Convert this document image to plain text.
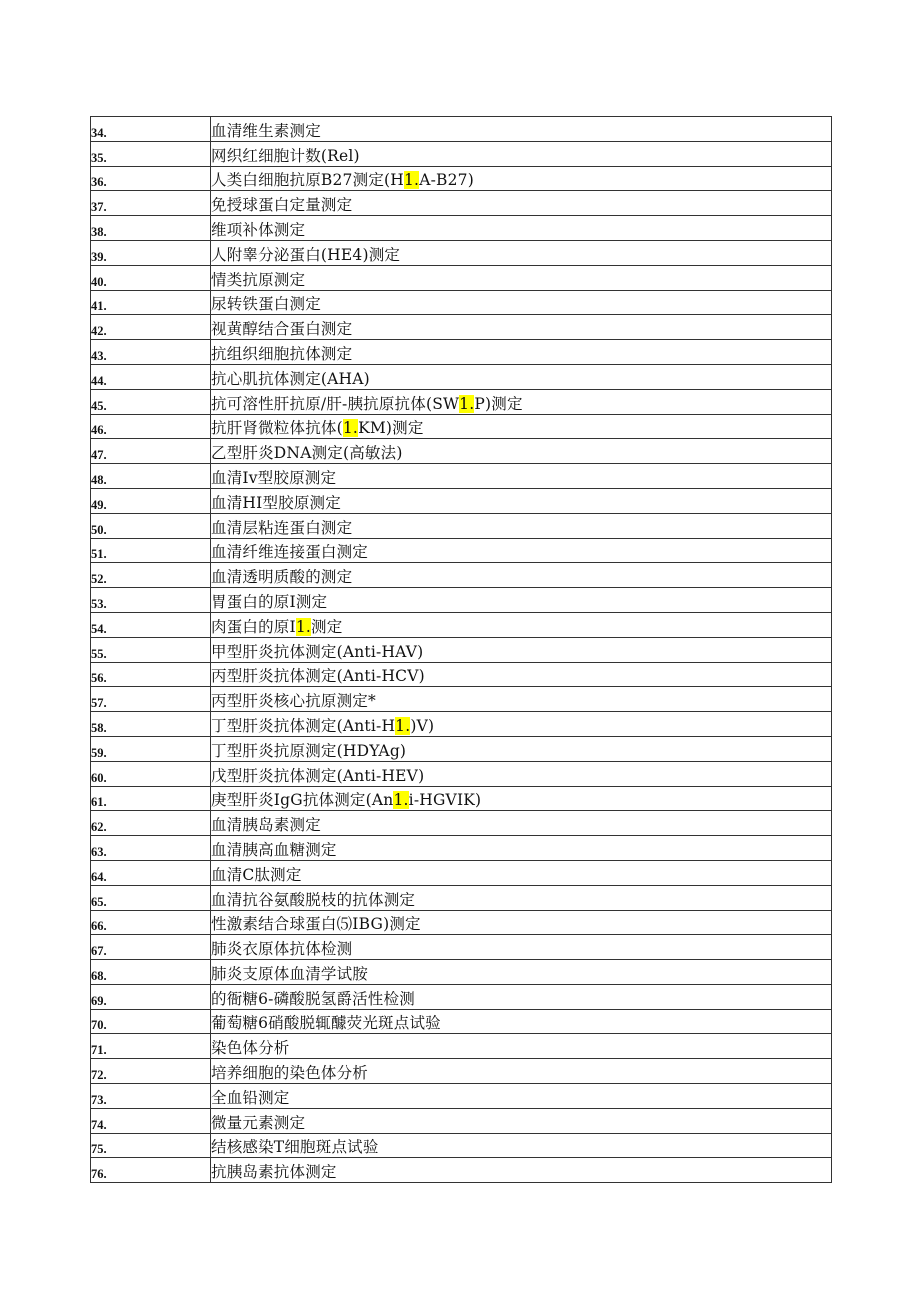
34.	血清维生素测定
35.	网织红细胞计数(Rel)
36.	人类白细胞抗原B27测定(H1.A-B27)
37.	免授球蛋白定量测定
38.	维项补体测定
39.	人附睾分泌蛋白(HE4)测定
40.	情类抗原测定
41.	尿转铁蛋白测定
42.	视黄醇结合蛋白测定
43.	抗组织细胞抗体测定
44.	抗心肌抗体测定(AHA)
45.	抗可溶性肝抗原/肝-胰抗原抗体(SW1.P)测定
46.	抗肝肾微粒体抗体(1.KM)测定
47.	乙型肝炎DNA测定(高敏法)
48.	血清Iv型胶原测定
49.	血清HI型胶原测定
50.	血清层粘连蛋白测定
51.	血清纤维连接蛋白测定
52.	血清透明质酸的测定
53.	胃蛋白的原I测定
54.	肉蛋白的原I1.测定
55.	甲型肝炎抗体测定(Anti-HAV)
56.	丙型肝炎抗体测定(Anti-HCV)
57.	丙型肝炎核心抗原测定*
58.	丁型肝炎抗体测定(Anti-H1.)V)
59.	丁型肝炎抗原测定(HDYAg)
60.	戊型肝炎抗体测定(Anti-HEV)
61.	庚型肝炎IgG抗体测定(An1.i-HGVIK)
62.	血清胰岛素测定
63.	血清胰高血糖测定
64.	血清C肽测定
65.	血清抗谷氨酸脱枝的抗体测定
66.	性激素结合球蛋白⑸IBG)测定
67.	肺炎衣原体抗体检测
68.	肺炎支原体血清学试胺
69.	的衙糖6-磷酸脱氢爵活性检测
70.	葡萄糖6硝酸脱辄醵荧光斑点试验
71.	染色体分析
72.	培养细胞的染色体分析
73.	全血铅测定
74.	微量元素测定
75.	结核感染T细胞斑点试验
76.	抗胰岛素抗体测定
